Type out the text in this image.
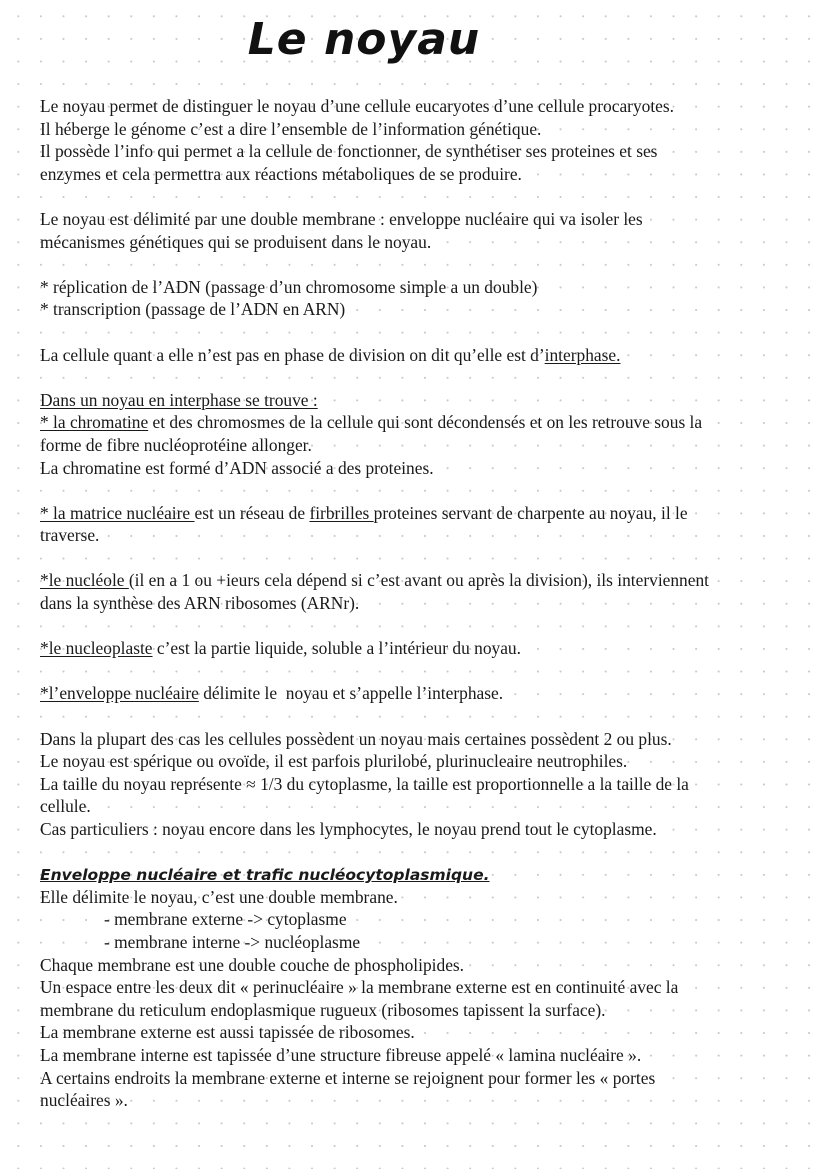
Le noyau
Le noyau permet de distinguer le noyau d’une cellule eucaryotes d’une cellule procaryotes.
Il héberge le génome c’est a dire l’ensemble de l’information génétique.
Il possède l’info qui permet a la cellule de fonctionner, de synthétiser ses proteines et ses
enzymes et cela permettra aux réactions métaboliques de se produire.
Le noyau est délimité par une double membrane : enveloppe nucléaire qui va isoler les
mécanismes génétiques qui se produisent dans le noyau.
* réplication de l’ADN (passage d’un chromosome simple a un double)
* transcription (passage de l’ADN en ARN)
La cellule quant a elle n’est pas en phase de division on dit qu’elle est d’interphase.
Dans un noyau en interphase se trouve :
* la chromatine et des chromosmes de la cellule qui sont décondensés et on les retrouve sous la
forme de fibre nucléoprotéine allonger.
La chromatine est formé d’ADN associé a des proteines.
* la matrice nucléaire est un réseau de firbrilles proteines servant de charpente au noyau, il le
traverse.
*le nucléole (il en a 1 ou +ieurs cela dépend si c’est avant ou après la division), ils interviennent
dans la synthèse des ARN ribosomes (ARNr).
*le nucleoplaste c’est la partie liquide, soluble a l’intérieur du noyau.
*l’enveloppe nucléaire délimite le  noyau et s’appelle l’interphase.
Dans la plupart des cas les cellules possèdent un noyau mais certaines possèdent 2 ou plus.
Le noyau est spérique ou ovoïde, il est parfois plurilobé, plurinucleaire neutrophiles.
La taille du noyau représente ≈ 1/3 du cytoplasme, la taille est proportionnelle a la taille de la
cellule.
Cas particuliers : noyau encore dans les lymphocytes, le noyau prend tout le cytoplasme.
Enveloppe nucléaire et trafic nucléocytoplasmique.
Elle délimite le noyau, c’est une double membrane.
- membrane externe -> cytoplasme
- membrane interne -> nucléoplasme
Chaque membrane est une double couche de phospholipides.
Un espace entre les deux dit « perinucléaire » la membrane externe est en continuité avec la
membrane du reticulum endoplasmique rugueux (ribosomes tapissent la surface).
La membrane externe est aussi tapissée de ribosomes.
La membrane interne est tapissée d’une structure fibreuse appelé « lamina nucléaire ».
A certains endroits la membrane externe et interne se rejoignent pour former les « portes
nucléaires ».
